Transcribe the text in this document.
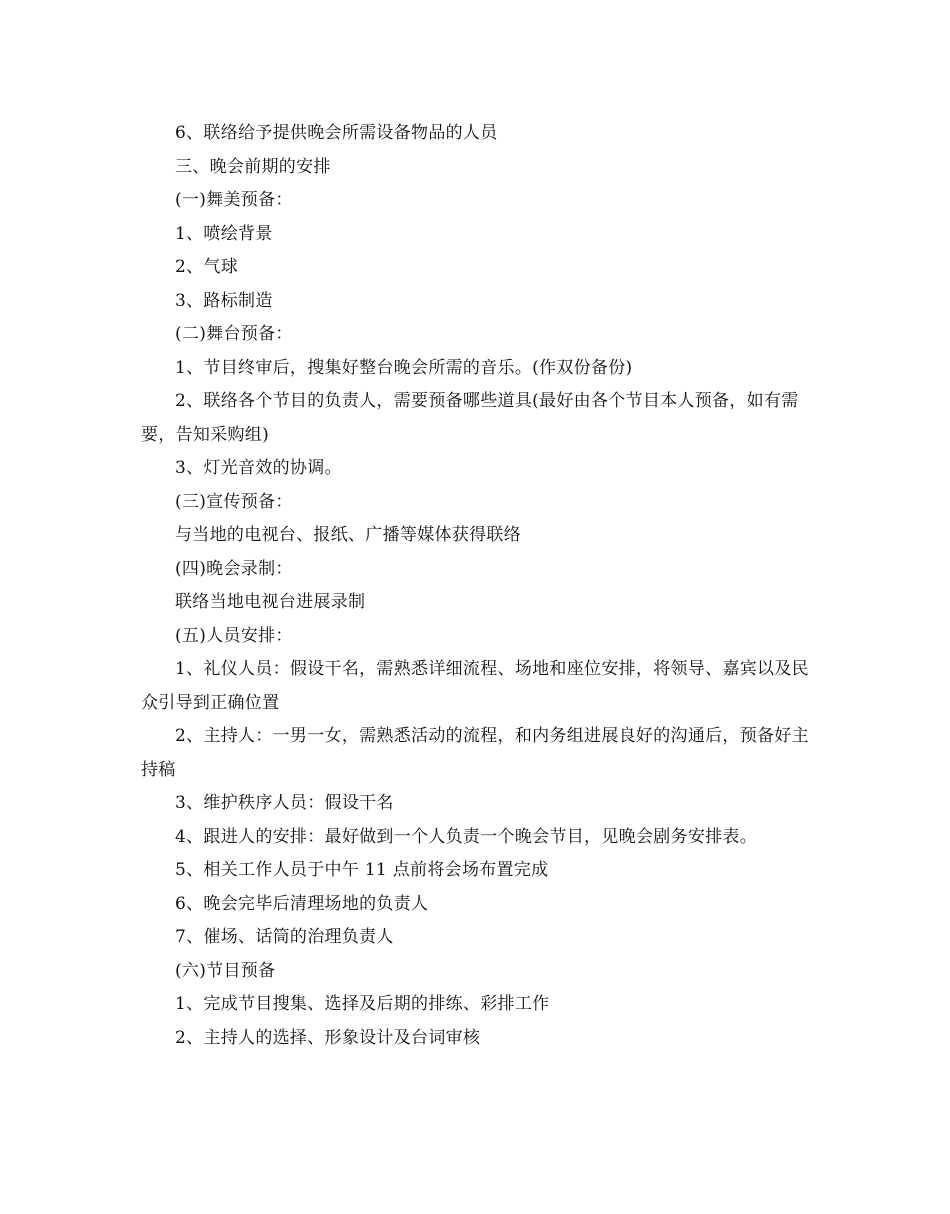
6、联络给予提供晚会所需设备物品的人员

三、晚会前期的安排

(一)舞美预备：

1、喷绘背景

2、气球

3、路标制造

(二)舞台预备：

1、节目终审后，搜集好整台晚会所需的音乐。(作双份备份)

2、联络各个节目的负责人，需要预备哪些道具(最好由各个节目本人预备，如有需要，告知采购组)

3、灯光音效的协调。

(三)宣传预备：

与当地的电视台、报纸、广播等媒体获得联络

(四)晚会录制：

联络当地电视台进展录制

(五)人员安排：

1、礼仪人员：假设干名，需熟悉详细流程、场地和座位安排，将领导、嘉宾以及民众引导到正确位置

2、主持人：一男一女，需熟悉活动的流程，和内务组进展良好的沟通后，预备好主持稿

3、维护秩序人员：假设干名

4、跟进人的安排：最好做到一个人负责一个晚会节目，见晚会剧务安排表。

5、相关工作人员于中午 11 点前将会场布置完成

6、晚会完毕后清理场地的负责人

7、催场、话筒的治理负责人

(六)节目预备

1、完成节目搜集、选择及后期的排练、彩排工作

2、主持人的选择、形象设计及台词审核
